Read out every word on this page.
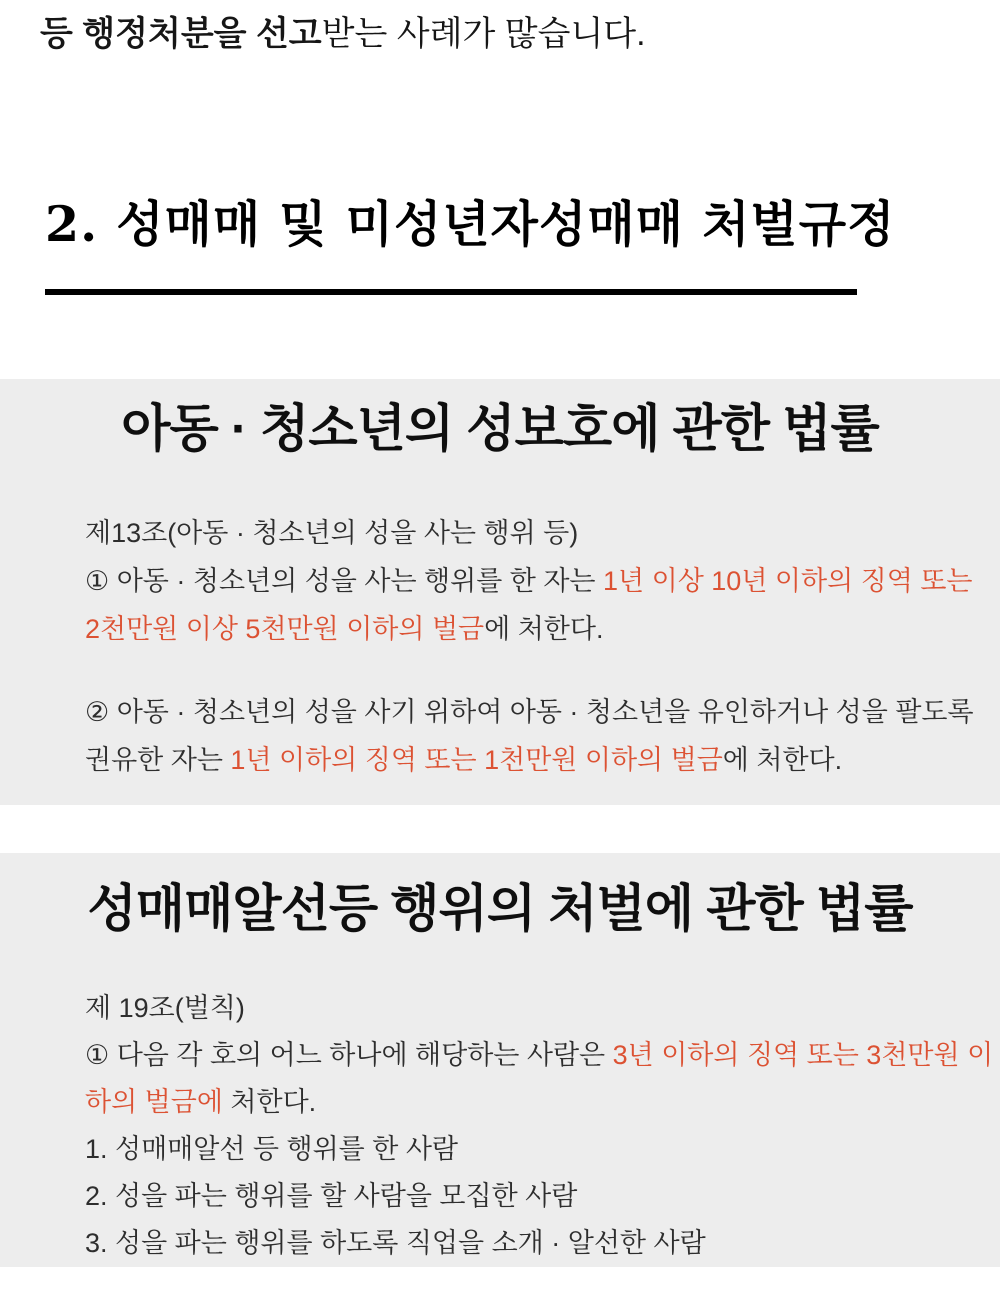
등 행정처분을 선고받는 사례가 많습니다.

2. 성매매 및 미성년자성매매 처벌규정
아동 · 청소년의 성보호에 관한 법률
제13조(아동 · 청소년의 성을 사는 행위 등)
① 아동 · 청소년의 성을 사는 행위를 한 자는 1년 이상 10년 이하의 징역 또는
2천만원 이상 5천만원 이하의 벌금에 처한다.
② 아동 · 청소년의 성을 사기 위하여 아동 · 청소년을 유인하거나 성을 팔도록
권유한 자는 1년 이하의 징역 또는 1천만원 이하의 벌금에 처한다.
성매매알선등 행위의 처벌에 관한 법률
제 19조(벌칙)
① 다음 각 호의 어느 하나에 해당하는 사람은 3년 이하의 징역 또는 3천만원 이
하의 벌금에 처한다.
1. 성매매알선 등 행위를 한 사람
2. 성을 파는 행위를 할 사람을 모집한 사람
3. 성을 파는 행위를 하도록 직업을 소개 · 알선한 사람
